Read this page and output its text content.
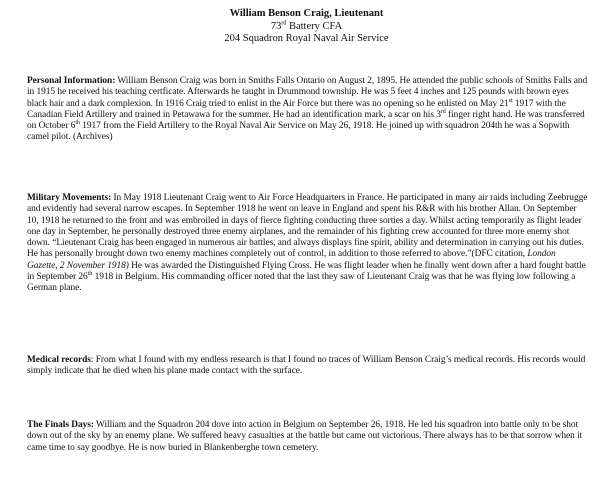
William Benson Craig, Lieutenant
73rd Battery CFA
204 Squadron Royal Naval Air Service
Personal Information: William Benson Craig was born in Smiths Falls Ontario on August 2, 1895. He attended the public schools of Smiths Falls and in 1915 he received his teaching certficate. Afterwards he taught in Drummond township. He was 5 feet 4 inches and 125 pounds with brown eyes black hair and a dark complexion. In 1916 Craig tried to enlist in the Air Force but there was no opening so he enlisted on May 21st 1917 with the Canadian Field Artillery and trained in Petawawa for the summer. He had an identification mark, a scar on his 3rd finger right hand. He was transferred on October 6th 1917 from the Field Artillery to the Royal Naval Air Service on May 26, 1918. He joined up with squadron 204th he was a Sopwith camel pilot. (Archives)
Military Movements: In May 1918 Lieutenant Craig went to Air Force Headquarters in France. He participated in many air raids including Zeebrugge and evidently had several narrow escapes. In September 1918 he went on leave in England and spent his R&R with his brother Allan. On September 10, 1918 he returned to the front and was embroiled in days of fierce fighting conducting three sorties a day. Whilst acting temporarily as flight leader one day in September, he personally destroyed three enemy airplanes, and the remainder of his fighting crew accounted for three more enemy shot down. “Lieutenant Craig has been engaged in numerous air battles, and always displays fine spirit, ability and determination in carrying out his duties. He has personally brought down two enemy machines completely out of control, in addition to those referred to above.”(DFC citation, London Gazette, 2 November 1918) He was awarded the Distinguished Flying Cross. He was flight leader when he finally went down after a hard fought battle in September 26th 1918 in Belgium. His commanding officer noted that the last they saw of Lieutenant Craig was that he was flying low following a German plane.
Medical records: From what I found with my endless research is that I found no traces of William Benson Craig’s medical records. His records would simply indicate that he died when his plane made contact with the surface.
The Finals Days: William and the Squadron 204 dove into action in Belgium on September 26, 1918. He led his squadron into battle only to be shot down out of the sky by an enemy plane. We suffered heavy casualties at the battle but came out victorious. There always has to be that sorrow when it came time to say goodbye. He is now buried in Blankenberghe town cemetery.
